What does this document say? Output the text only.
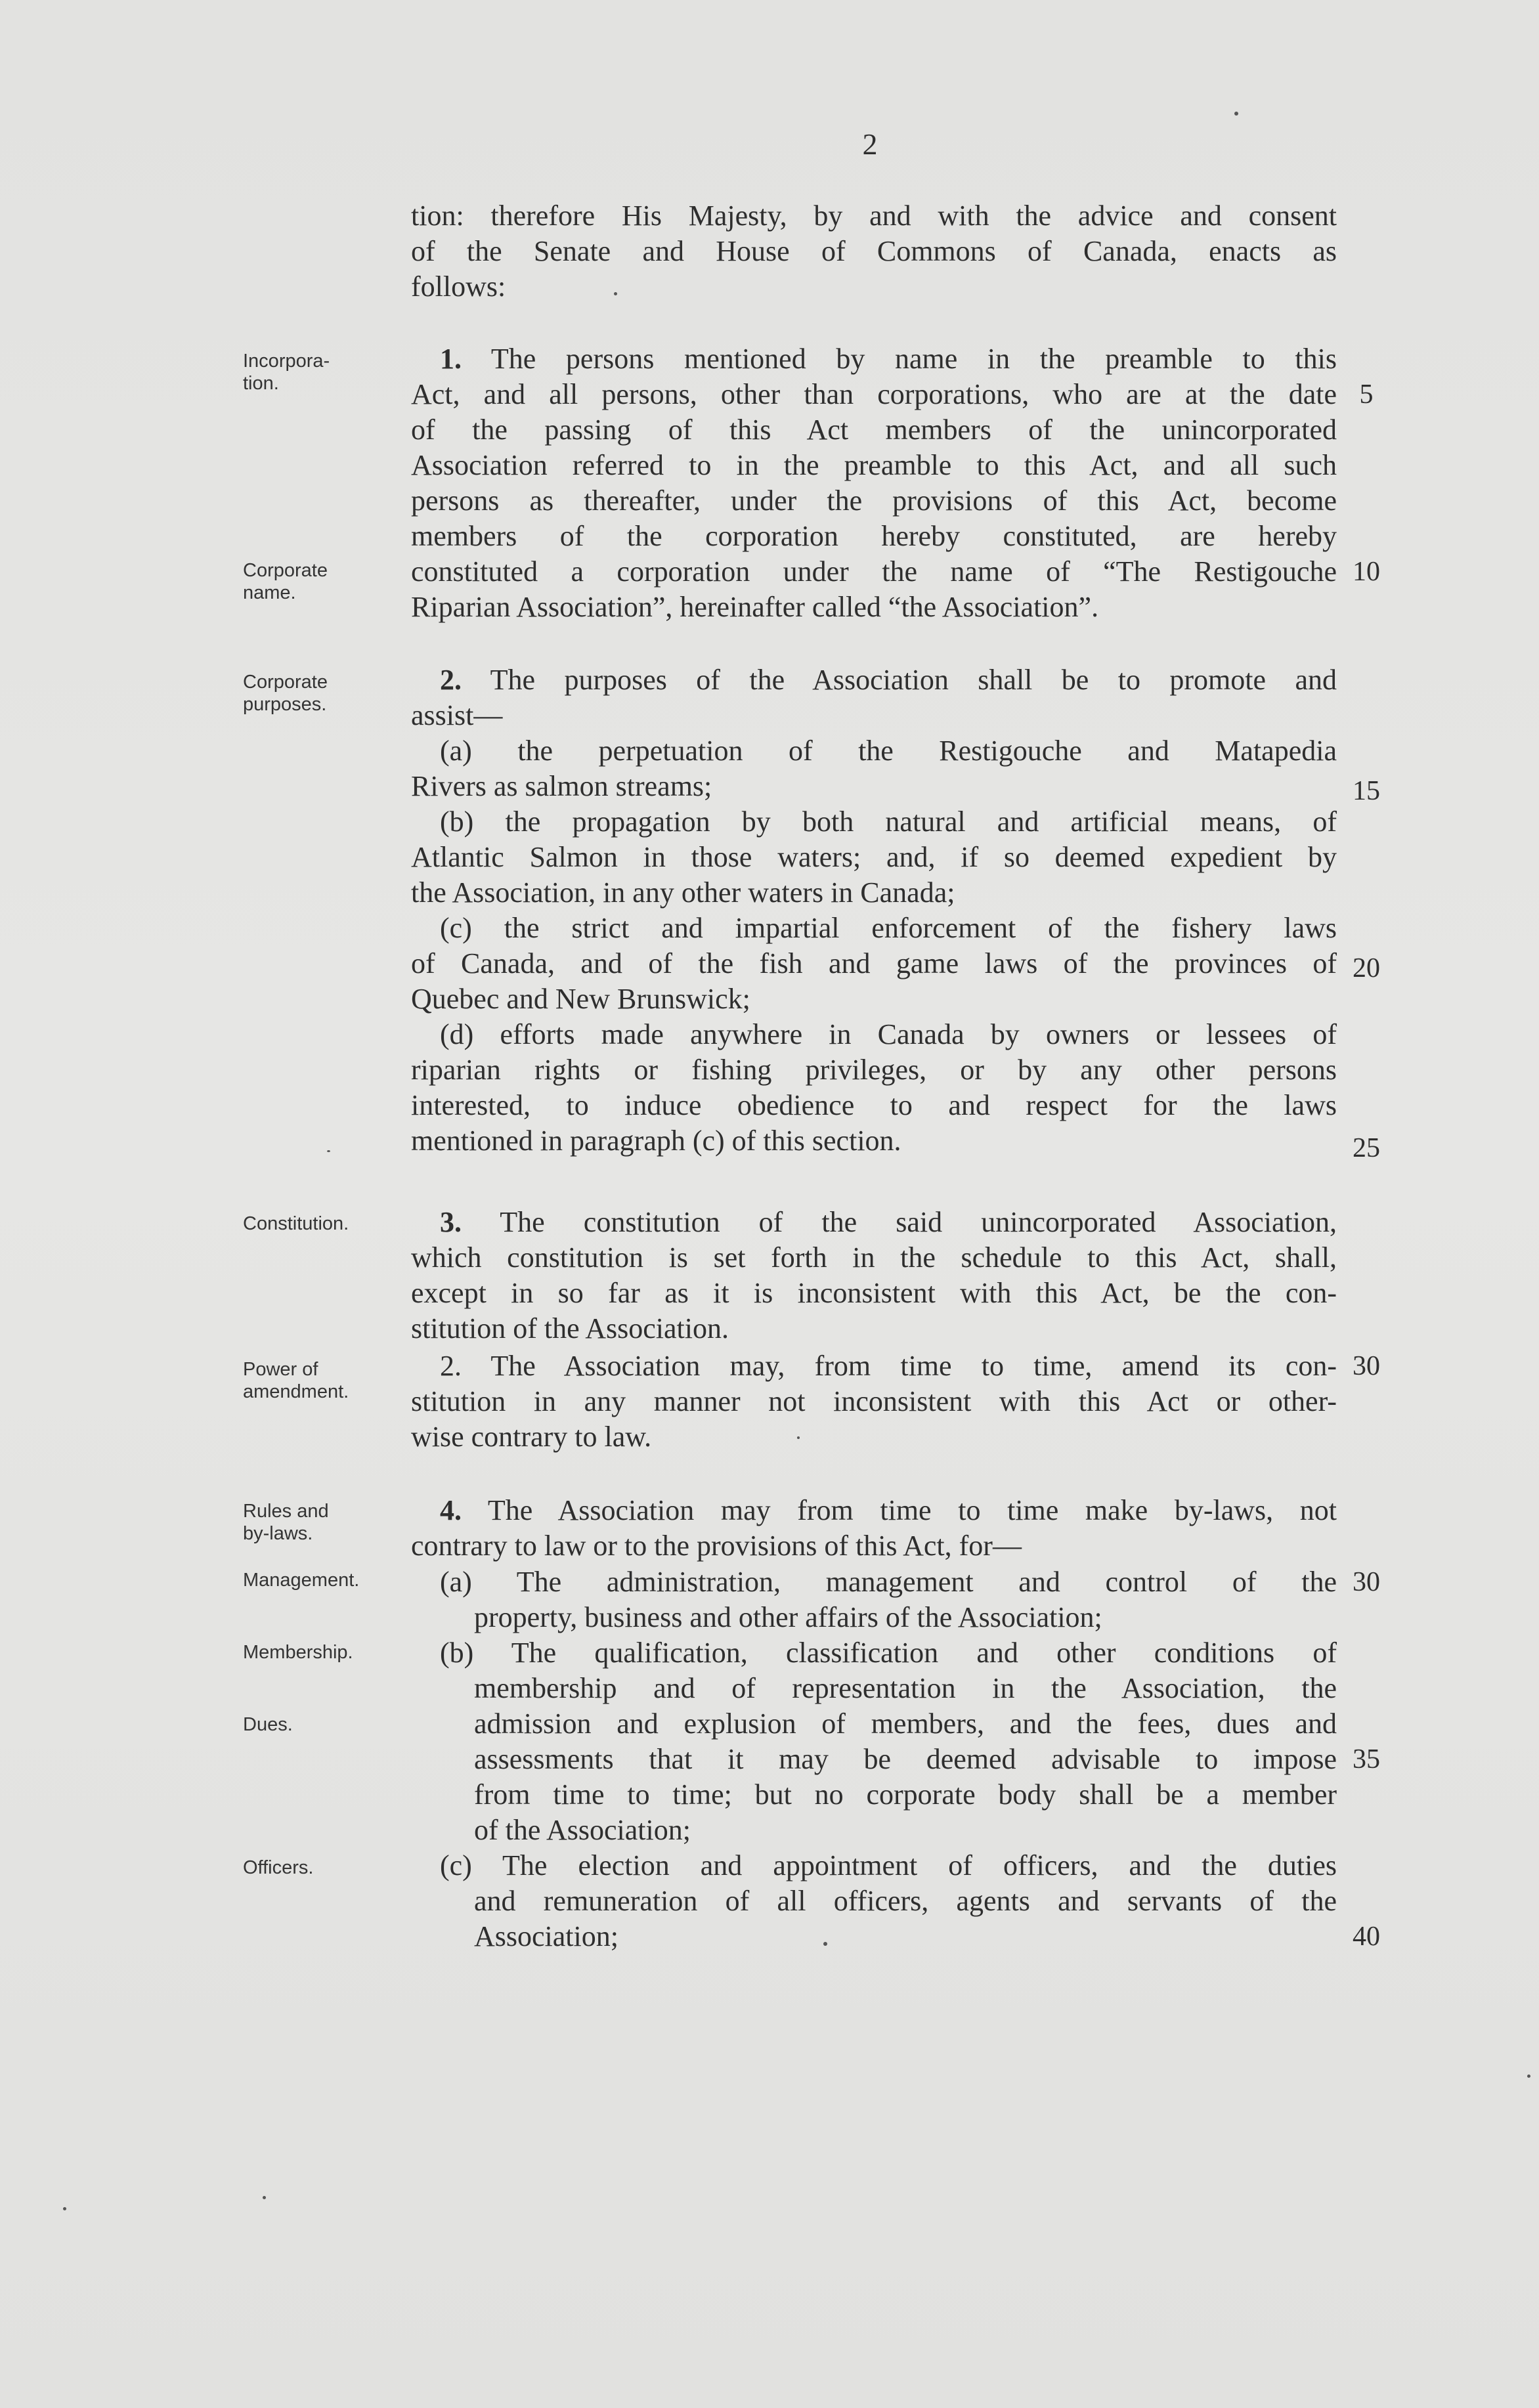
2
tion: therefore His Majesty, by and with the advice and consent
of the Senate and House of Commons of Canada, enacts as
follows:
Incorpora-
tion.
1. The persons mentioned by name in the preamble to this
Act, and all persons, other than corporations, who are at the date 5
of the passing of this Act members of the unincorporated
Association referred to in the preamble to this Act, and all such
persons as thereafter, under the provisions of this Act, become
members of the corporation hereby constituted, are hereby
Corporate
name.
constituted a corporation under the name of “The Restigouche 10
Riparian Association”, hereinafter called “the Association”.
Corporate
purposes.
2. The purposes of the Association shall be to promote and
assist—
(a) the perpetuation of the Restigouche and Matapedia
Rivers as salmon streams;	15
(b) the propagation by both natural and artificial means, of
Atlantic Salmon in those waters; and, if so deemed expedient by
the Association, in any other waters in Canada;
(c) the strict and impartial enforcement of the fishery laws
of Canada, and of the fish and game laws of the provinces of 20
Quebec and New Brunswick;
(d) efforts made anywhere in Canada by owners or lessees of
riparian rights or fishing privileges, or by any other persons
interested, to induce obedience to and respect for the laws
mentioned in paragraph (c) of this section.	25
Constitution.	3. The constitution of the said unincorporated Association,
which constitution is set forth in the schedule to this Act, shall,
except in so far as it is inconsistent with this Act, be the con-
stitution of the Association.
Power of
amendment.
2. The Association may, from time to time, amend its con- 30
stitution in any manner not inconsistent with this Act or other-
wise contrary to law.
Rules and
by-laws.
4. The Association may from time to time make by-laws, not
contrary to law or to the provisions of this Act, for—
Management.	(a) The administration, management and control of the 30
property, business and other affairs of the Association;
Membership.	(b) The qualification, classification and other conditions of
membership and of representation in the Association, the
Dues.	admission and explusion of members, and the fees, dues and
assessments that it may be deemed advisable to impose 35
from time to time; but no corporate body shall be a member
of the Association;
Officers.	(c) The election and appointment of officers, and the duties
and remuneration of all officers, agents and servants of the
Association;	40
